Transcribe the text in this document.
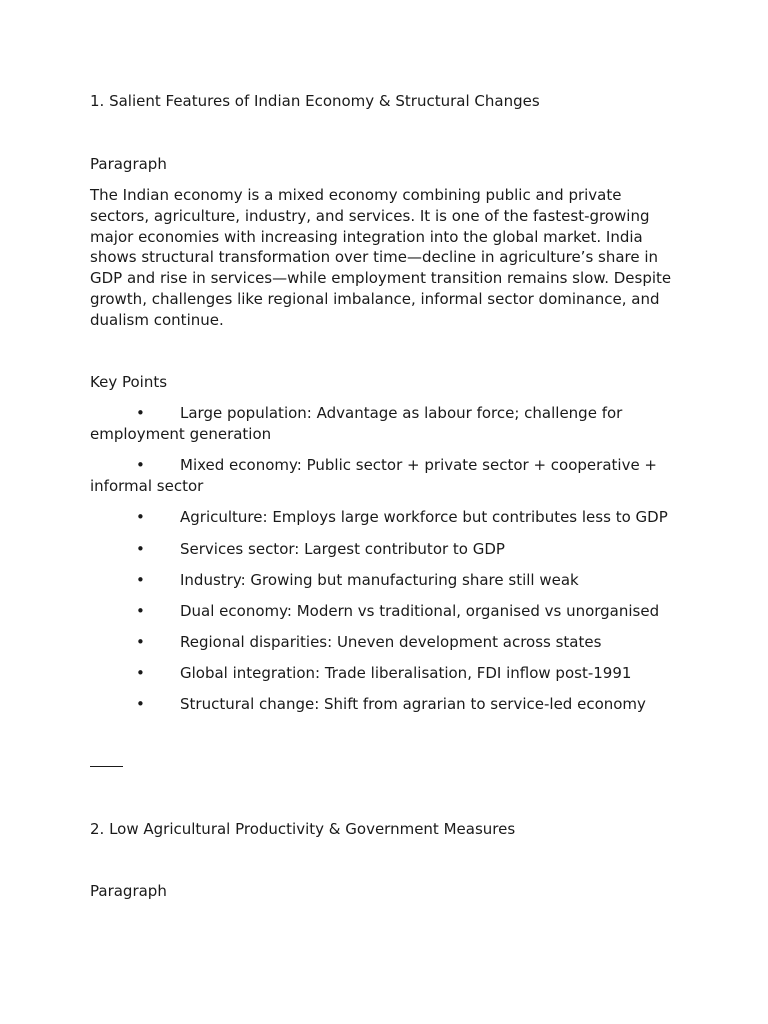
1. Salient Features of Indian Economy & Structural Changes
Paragraph
The Indian economy is a mixed economy combining public and private sectors, agriculture, industry, and services. It is one of the fastest-growing major economies with increasing integration into the global market. India shows structural transformation over time—decline in agriculture’s share in GDP and rise in services—while employment transition remains slow. Despite growth, challenges like regional imbalance, informal sector dominance, and dualism continue.
Key Points
• Large population: Advantage as labour force; challenge for employment generation
• Mixed economy: Public sector + private sector + cooperative + informal sector
• Agriculture: Employs large workforce but contributes less to GDP
• Services sector: Largest contributor to GDP
• Industry: Growing but manufacturing share still weak
• Dual economy: Modern vs traditional, organised vs unorganised
• Regional disparities: Uneven development across states
• Global integration: Trade liberalisation, FDI inflow post-1991
• Structural change: Shift from agrarian to service-led economy
2. Low Agricultural Productivity & Government Measures
Paragraph
